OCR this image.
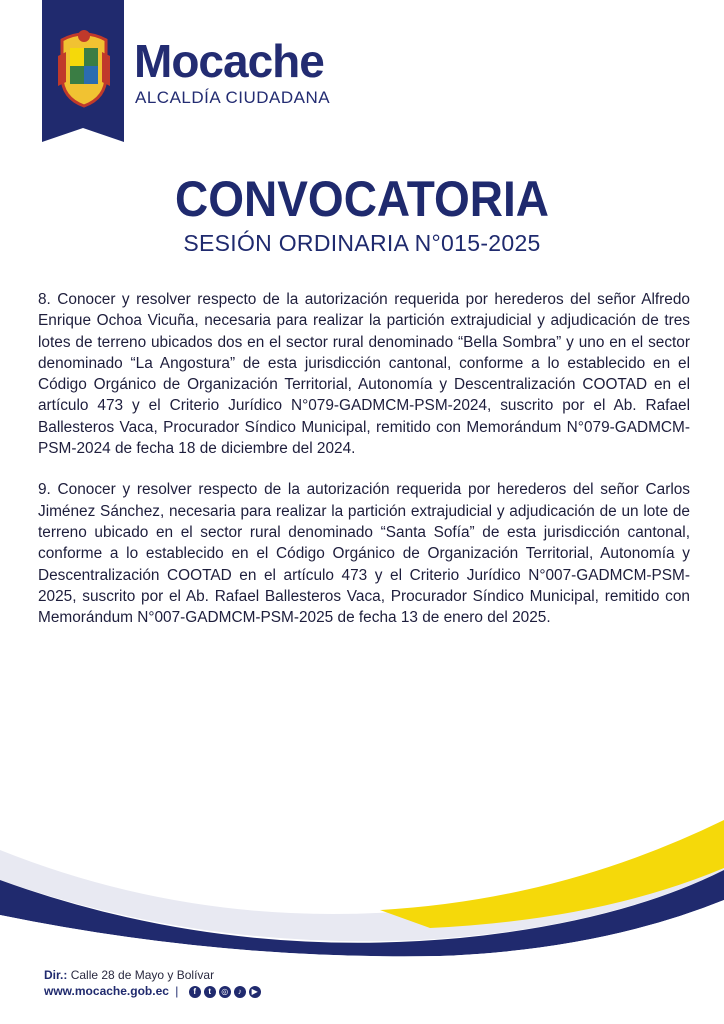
Mocache
ALCALDÍA CIUDADANA
CONVOCATORIA
SESIÓN ORDINARIA N°015-2025

8. Conocer y resolver respecto de la autorización requerida por herederos del señor Alfredo Enrique Ochoa Vicuña, necesaria para realizar la partición extrajudicial y adjudicación de tres lotes de terreno ubicados dos en el sector rural denominado “Bella Sombra” y uno en el sector denominado “La Angostura” de esta jurisdicción cantonal, conforme a lo establecido en el Código Orgánico de Organización Territorial, Autonomía y Descentralización COOTAD en el artículo 473 y el Criterio Jurídico N°079-GADMCM-PSM-2024, suscrito por el Ab. Rafael Ballesteros Vaca, Procurador Síndico Municipal, remitido con Memorándum N°079-GADMCM-PSM-2024 de fecha 18 de diciembre del 2024.

9. Conocer y resolver respecto de la autorización requerida por herederos del señor Carlos Jiménez Sánchez, necesaria para realizar la partición extrajudicial y adjudicación de un lote de terreno ubicado en el sector rural denominado “Santa Sofía” de esta jurisdicción cantonal, conforme a lo establecido en el Código Orgánico de Organización Territorial, Autonomía y Descentralización COOTAD en el artículo 473 y el Criterio Jurídico N°007-GADMCM-PSM-2025, suscrito por el Ab. Rafael Ballesteros Vaca, Procurador Síndico Municipal, remitido con Memorándum N°007-GADMCM-PSM-2025 de fecha 13 de enero del 2025.

Dir.: Calle 28 de Mayo y Bolívar
www.mocache.gob.ec |	f	t	◎	♪	▶
